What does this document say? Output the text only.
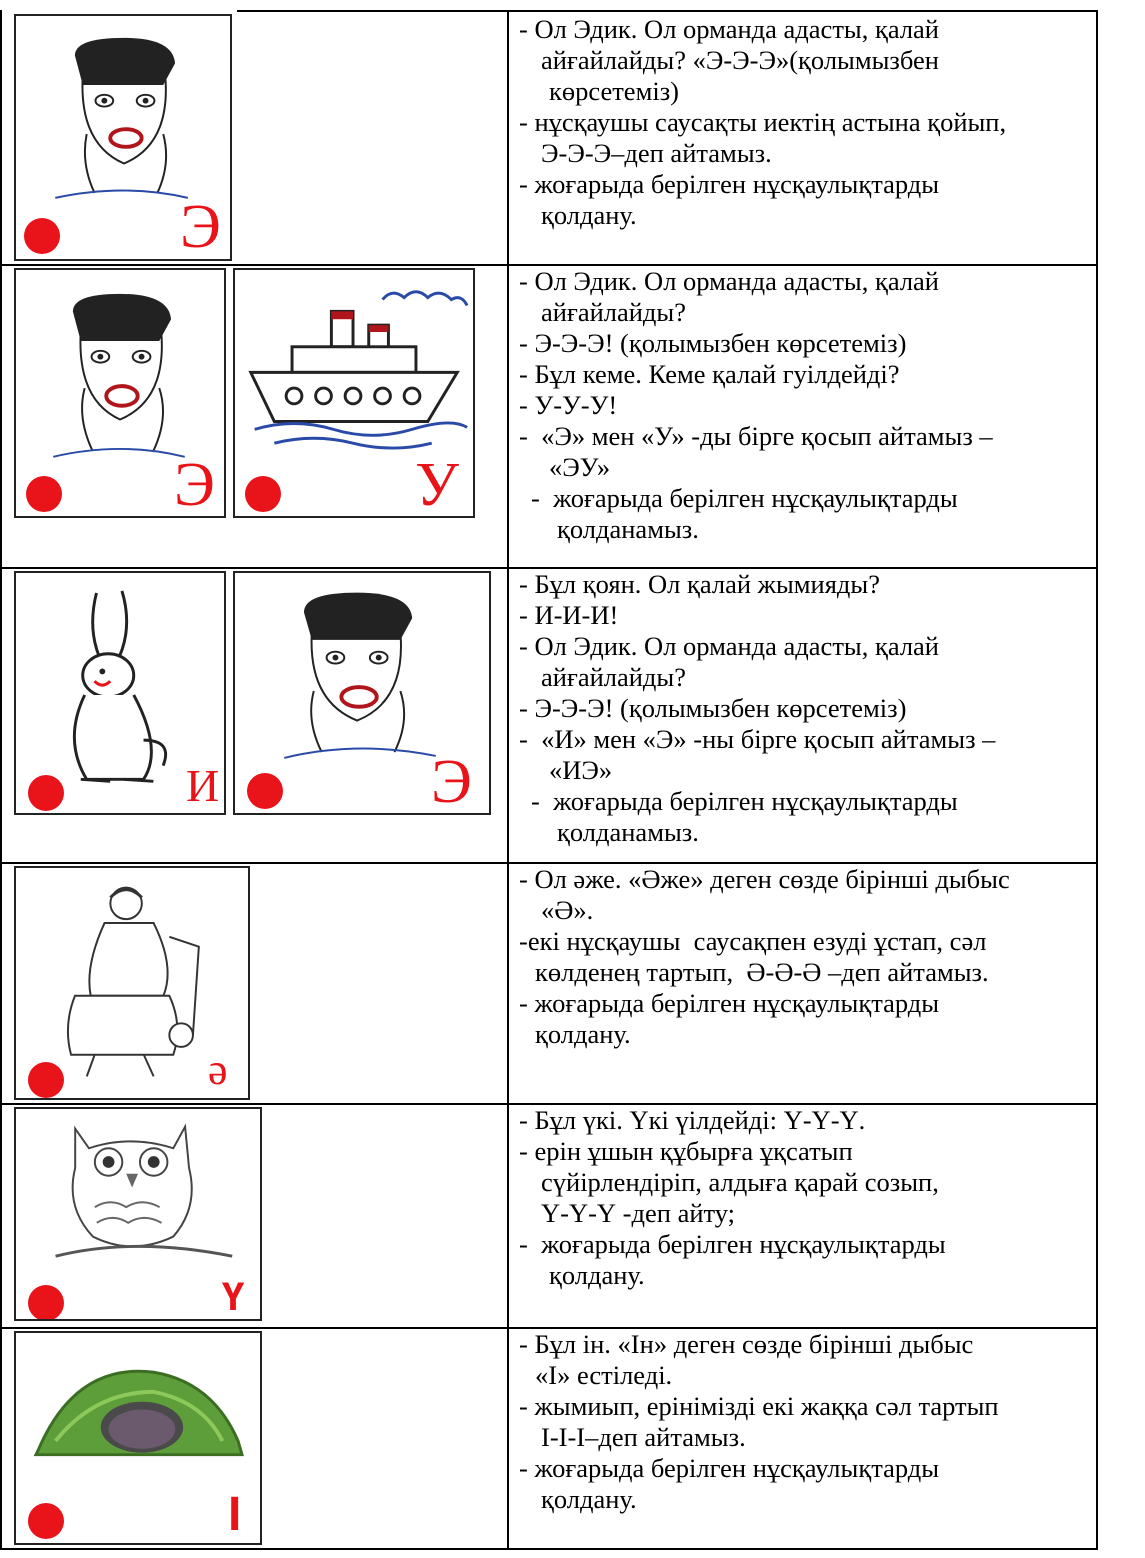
Э
- Ол Эдик. Ол орманда адасты, қалай
айғайлайды? «Э-Э-Э»(қолымызбен
көрсетеміз)
- нұсқаушы саусақты иектің астына қойып,
Э-Э-Э–деп айтамыз.
- жоғарыда берілген нұсқаулықтарды
қолдану.
Э	У
- Ол Эдик. Ол орманда адасты, қалай
айғайлайды?
- Э-Э-Э! (қолымызбен көрсетеміз)
- Бұл кеме. Кеме қалай гуілдейді?
- У-У-У!
-  «Э» мен «У» -ды бірге қосып айтамыз –
«ЭУ»
-  жоғарыда берілген нұсқаулықтарды
қолданамыз.
И	Э
- Бұл қоян. Ол қалай жымияды?
- И-И-И!
- Ол Эдик. Ол орманда адасты, қалай
айғайлайды?
- Э-Э-Э! (қолымызбен көрсетеміз)
-  «И» мен «Э» -ны бірге қосып айтамыз –
«ИЭ»
-  жоғарыда берілген нұсқаулықтарды
қолданамыз.
ә
- Ол әже. «Әже» деген сөзде бірінші дыбыс
«Ә».
-екі нұсқаушы  саусақпен езуді ұстап, сәл
көлденең тартып,  Ә-Ә-Ә –деп айтамыз.
- жоғарыда берілген нұсқаулықтарды
қолдану.
Ү
- Бұл үкі. Үкі үілдейді: Ү-Ү-Ү.
- ерін ұшын құбырға ұқсатып
сүйірлендіріп, алдыға қарай созып,
Ү-Ү-Ү -деп айту;
-  жоғарыда берілген нұсқаулықтарды
қолдану.
І
- Бұл ін. «Ін» деген сөзде бірінші дыбыс
«І» естіледі.
- жымиып, ерінімізді екі жаққа сәл тартып
І-І-І–деп айтамыз.
- жоғарыда берілген нұсқаулықтарды
қолдану.
